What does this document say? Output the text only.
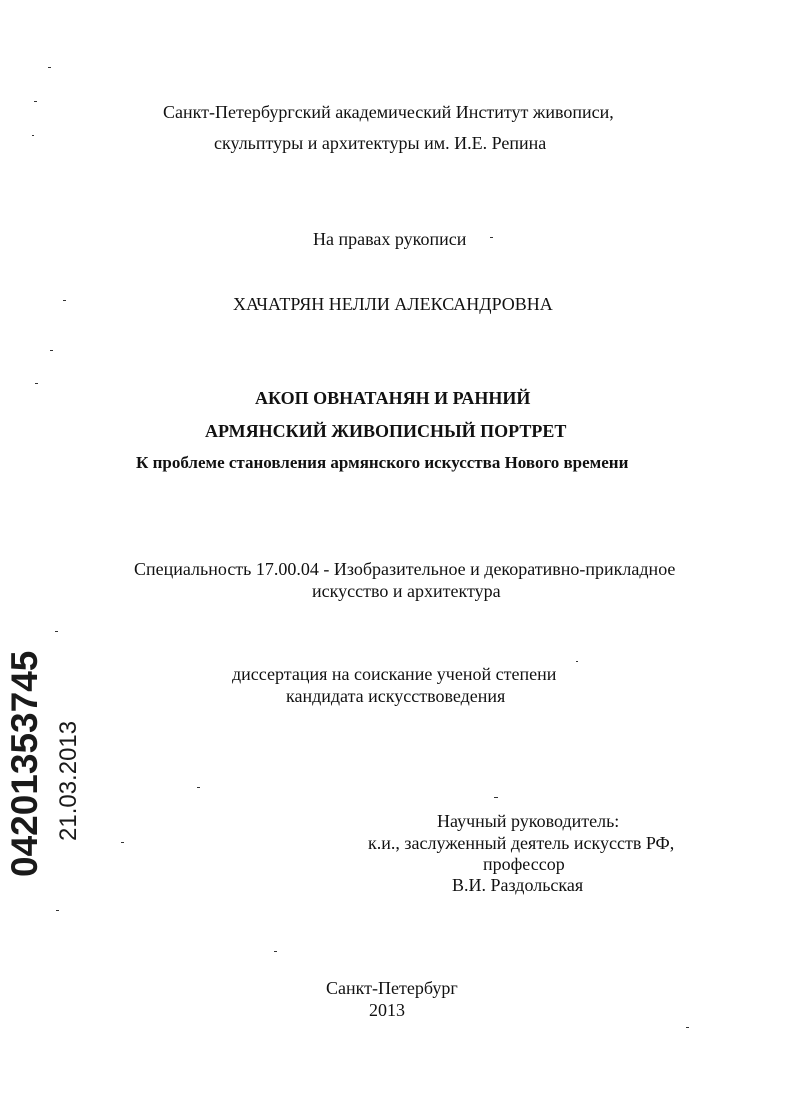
Санкт-Петербургский академический Институт живописи,
скульптуры и архитектуры им. И.Е. Репина
На правах рукописи
ХАЧАТРЯН НЕЛЛИ АЛЕКСАНДРОВНА
АКОП ОВНАТАНЯН И РАННИЙ
АРМЯНСКИЙ ЖИВОПИСНЫЙ ПОРТРЕТ
К проблеме становления армянского искусства Нового времени
Специальность 17.00.04 - Изобразительное и декоративно-прикладное
искусство и архитектура
диссертация на соискание ученой степени
кандидата искусствоведения
Научный руководитель:
к.и., заслуженный деятель искусств РФ,
профессор
В.И. Раздольская
Санкт-Петербург
2013
04201353745 21.03.2013
